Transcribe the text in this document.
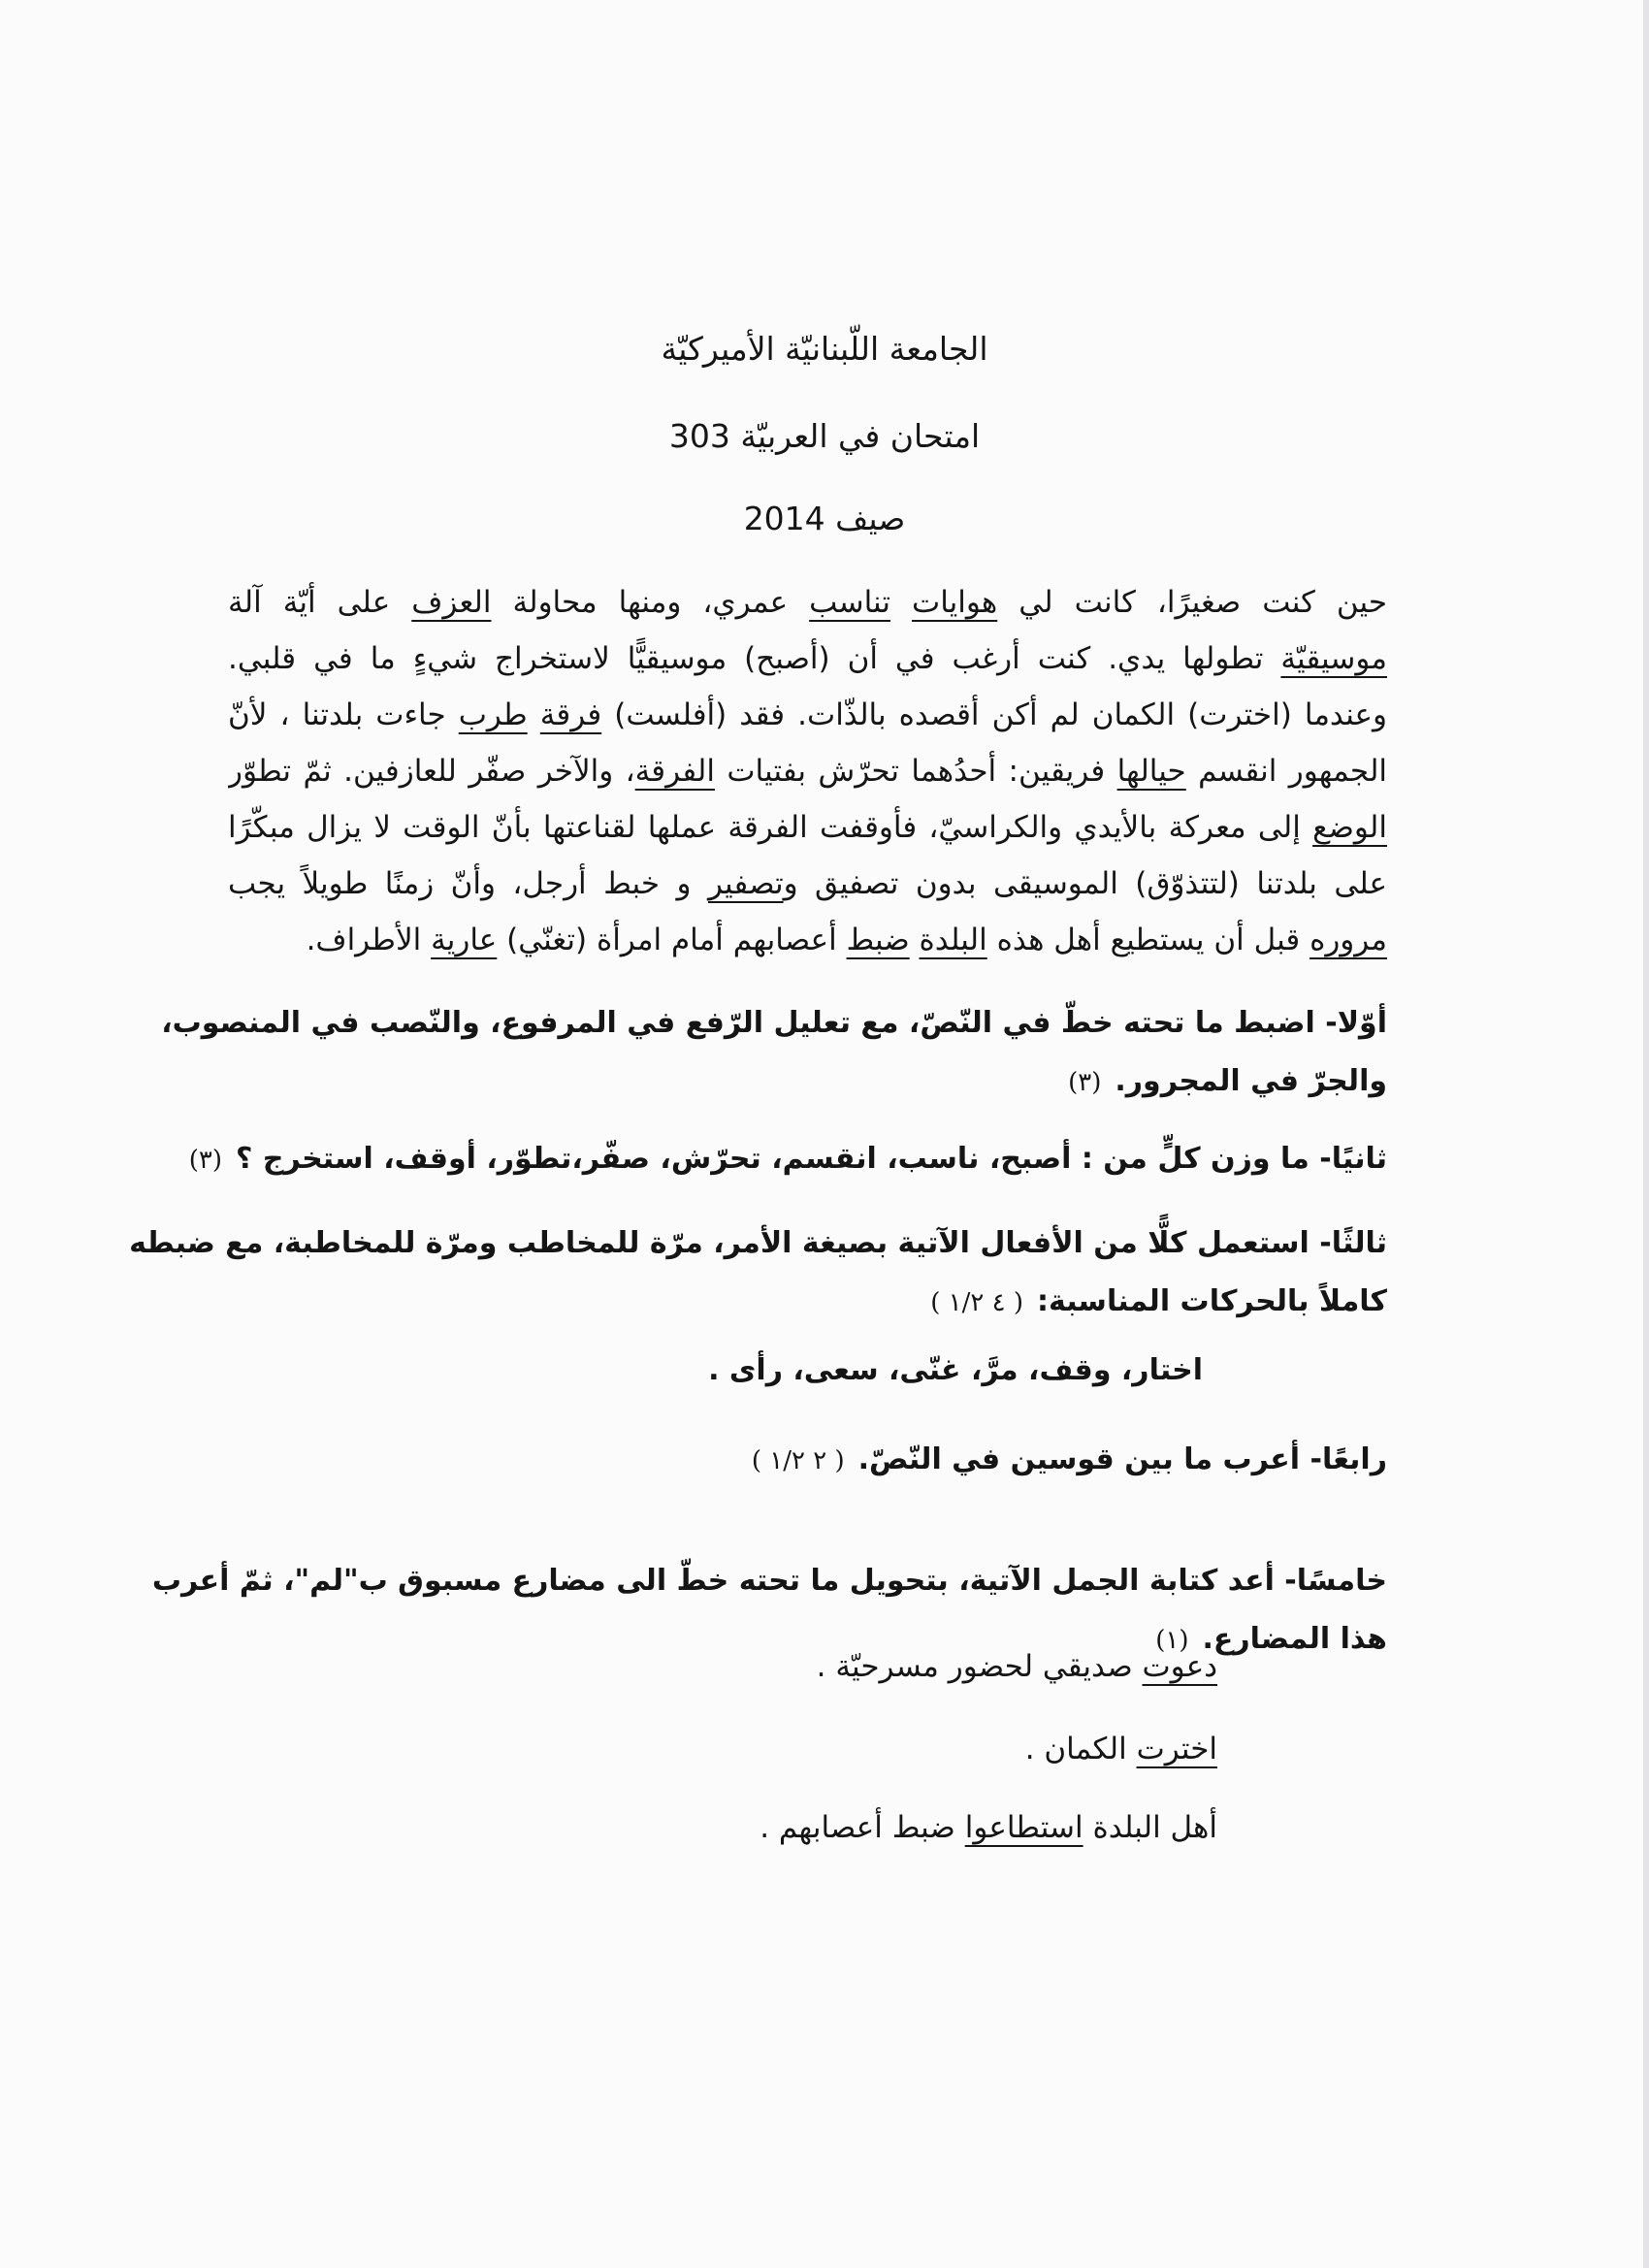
الجامعة اللّبنانيّة الأميركيّة
امتحان في العربيّة 303
صيف 2014
حين كنت صغيرًا، كانت لي هوايات تناسب عمري، ومنها محاولة العزف على أيّة آلة
موسيقيّة تطولها يدي. كنت أرغب في أن (أصبح) موسيقيًّا لاستخراج شيءٍ ما في قلبي.
وعندما (اخترت) الكمان لم أكن أقصده بالذّات. فقد (أفلست) فرقة طرب جاءت بلدتنا ، لأنّ
الجمهور انقسم حيالها فريقين: أحدُهما تحرّش بفتيات الفرقة، والآخر صفّر للعازفين. ثمّ تطوّر
الوضع إلى معركة بالأيدي والكراسيّ، فأوقفت الفرقة عملها لقناعتها بأنّ الوقت لا يزال مبكّرًا
على بلدتنا (لتتذوّق) الموسيقى بدون تصفيق وتصفير و خبط أرجل، وأنّ زمنًا طويلاً يجب
مروره قبل أن يستطيع أهل هذه البلدة ضبط أعصابهم أمام امرأة (تغنّي) عارية الأطراف.
أوّلا- اضبط ما تحته خطّ في النّصّ، مع تعليل الرّفع في المرفوع، والنّصب في المنصوب،
والجرّ في المجرور.(٣)
ثانيًا- ما وزن كلٍّ من : أصبح، ناسب، انقسم، تحرّش، صفّر،تطوّر، أوقف، استخرج ؟(٣)
ثالثًا- استعمل كلًّا من الأفعال الآتية بصيغة الأمر، مرّة للمخاطب ومرّة للمخاطبة، مع ضبطه
كاملاً بالحركات المناسبة:( ٤ ١/٢ )
اختار، وقف، مرَّ، غنّى، سعى، رأى .
رابعًا- أعرب ما بين قوسين في النّصّ.( ٢ ١/٢ )
خامسًا- أعد كتابة الجمل الآتية، بتحويل ما تحته خطّ الى مضارع مسبوق ب"لم"، ثمّ أعرب
هذا المضارع.(١)
دعوت صديقي لحضور مسرحيّة .
اخترت الكمان .
أهل البلدة استطاعوا ضبط أعصابهم .
